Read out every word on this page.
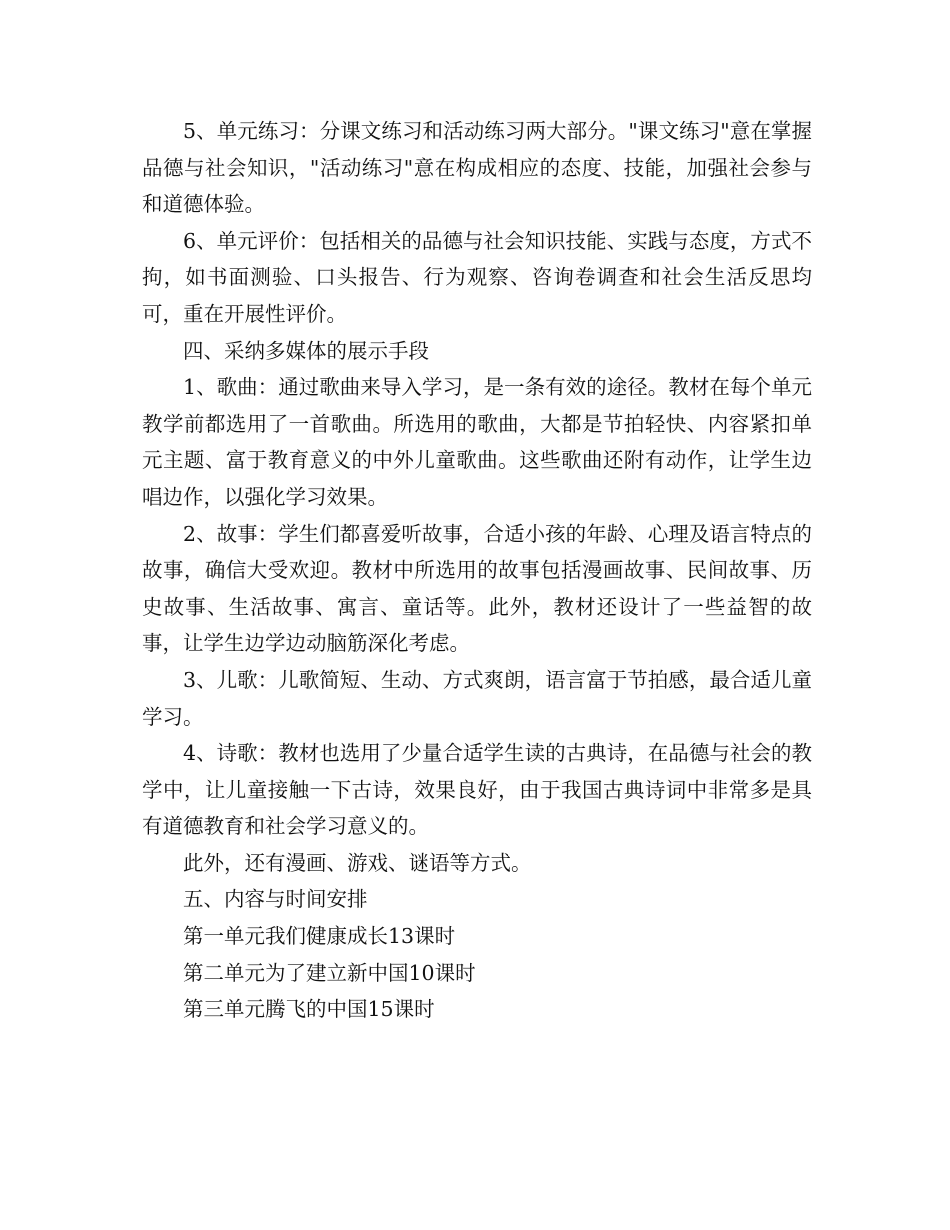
5、单元练习：分课文练习和活动练习两大部分。"课文练习"意在掌握品德与社会知识，"活动练习"意在构成相应的态度、技能，加强社会参与和道德体验。

6、单元评价：包括相关的品德与社会知识技能、实践与态度，方式不拘，如书面测验、口头报告、行为观察、咨询卷调查和社会生活反思均可，重在开展性评价。

四、采纳多媒体的展示手段

1、歌曲：通过歌曲来导入学习，是一条有效的途径。教材在每个单元教学前都选用了一首歌曲。所选用的歌曲，大都是节拍轻快、内容紧扣单元主题、富于教育意义的中外儿童歌曲。这些歌曲还附有动作，让学生边唱边作，以强化学习效果。

2、故事：学生们都喜爱听故事，合适小孩的年龄、心理及语言特点的故事，确信大受欢迎。教材中所选用的故事包括漫画故事、民间故事、历史故事、生活故事、寓言、童话等。此外，教材还设计了一些益智的故事，让学生边学边动脑筋深化考虑。

3、儿歌：儿歌简短、生动、方式爽朗，语言富于节拍感，最合适儿童学习。

4、诗歌：教材也选用了少量合适学生读的古典诗，在品德与社会的教学中，让儿童接触一下古诗，效果良好，由于我国古典诗词中非常多是具有道德教育和社会学习意义的。

此外，还有漫画、游戏、谜语等方式。

五、内容与时间安排

第一单元我们健康成长13课时

第二单元为了建立新中国10课时

第三单元腾飞的中国15课时
